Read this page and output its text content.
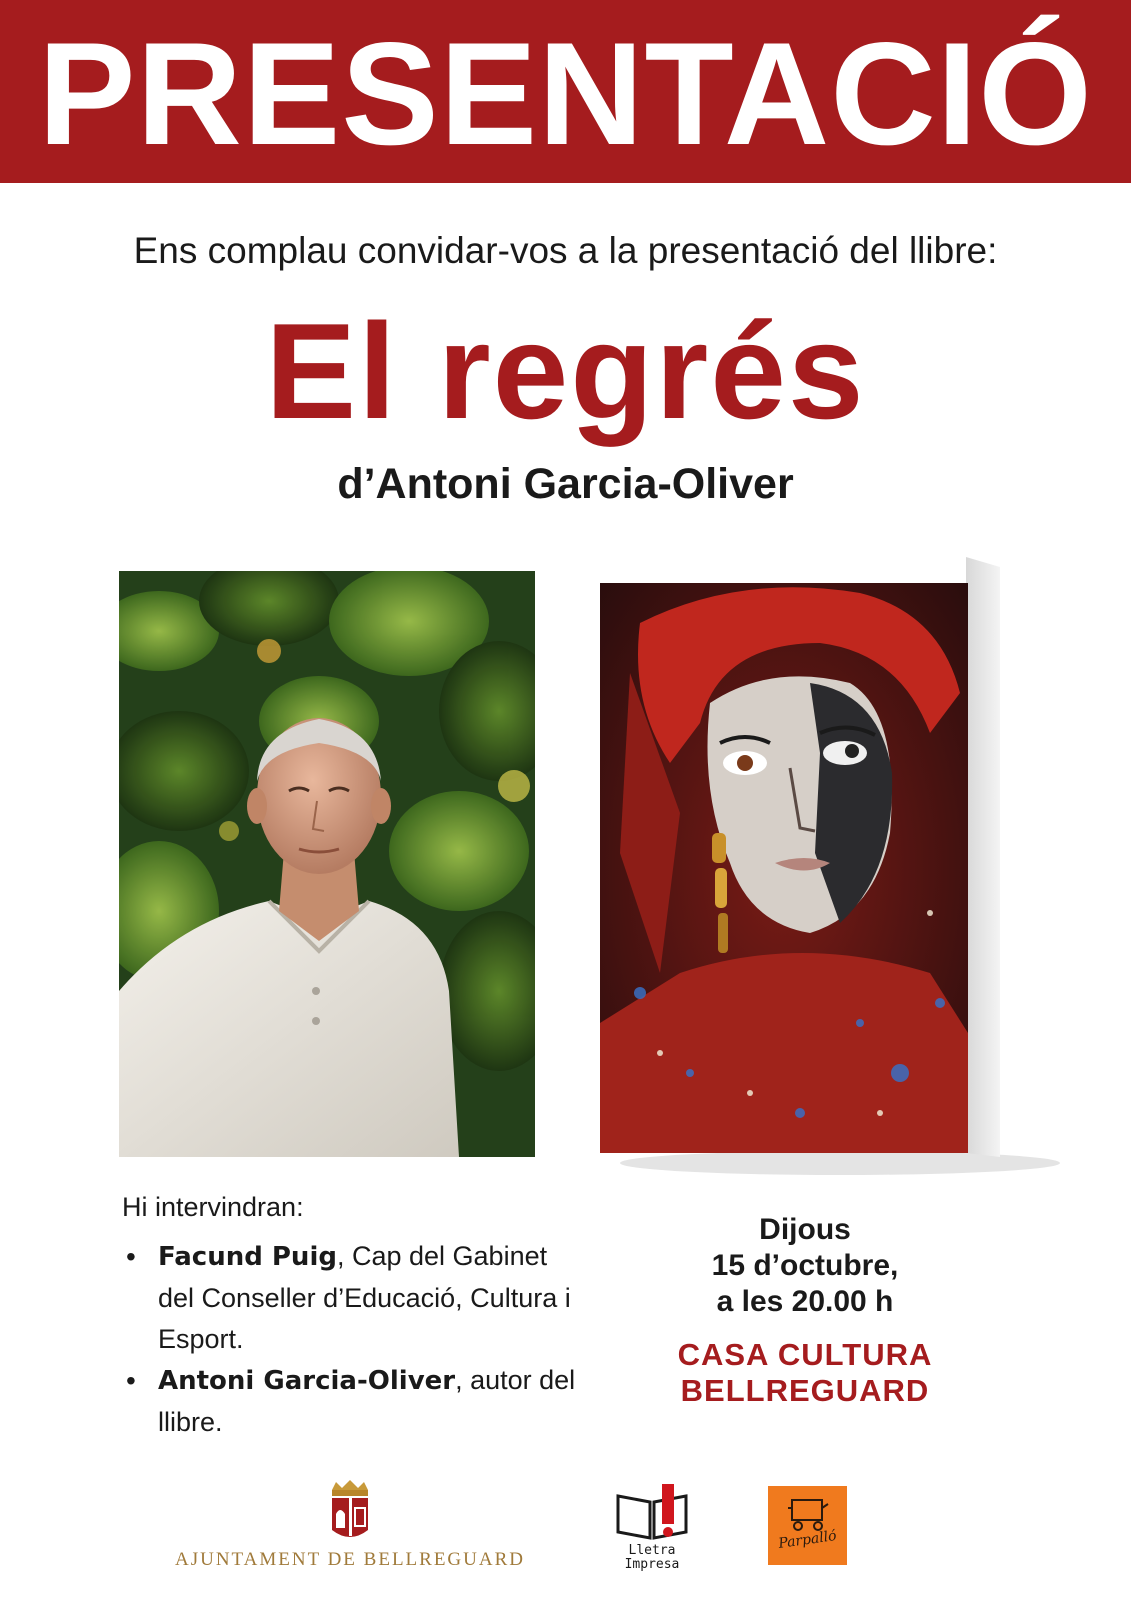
PRESENTACIÓ
Ens complau convidar-vos a la presentació del llibre:
El regrés
d’Antoni Garcia-Oliver
Hi intervindran:
• Facund Puig, Cap del Gabinet del Conseller d’Educació, Cultura i Esport.
• Antoni Garcia-Oliver, autor del llibre.
Dijous
15 d’octubre,
a les 20.00 h
CASA CULTURA
BELLREGUARD
AJUNTAMENT DE BELLREGUARD	Lletra
Impresa
Parpalló
